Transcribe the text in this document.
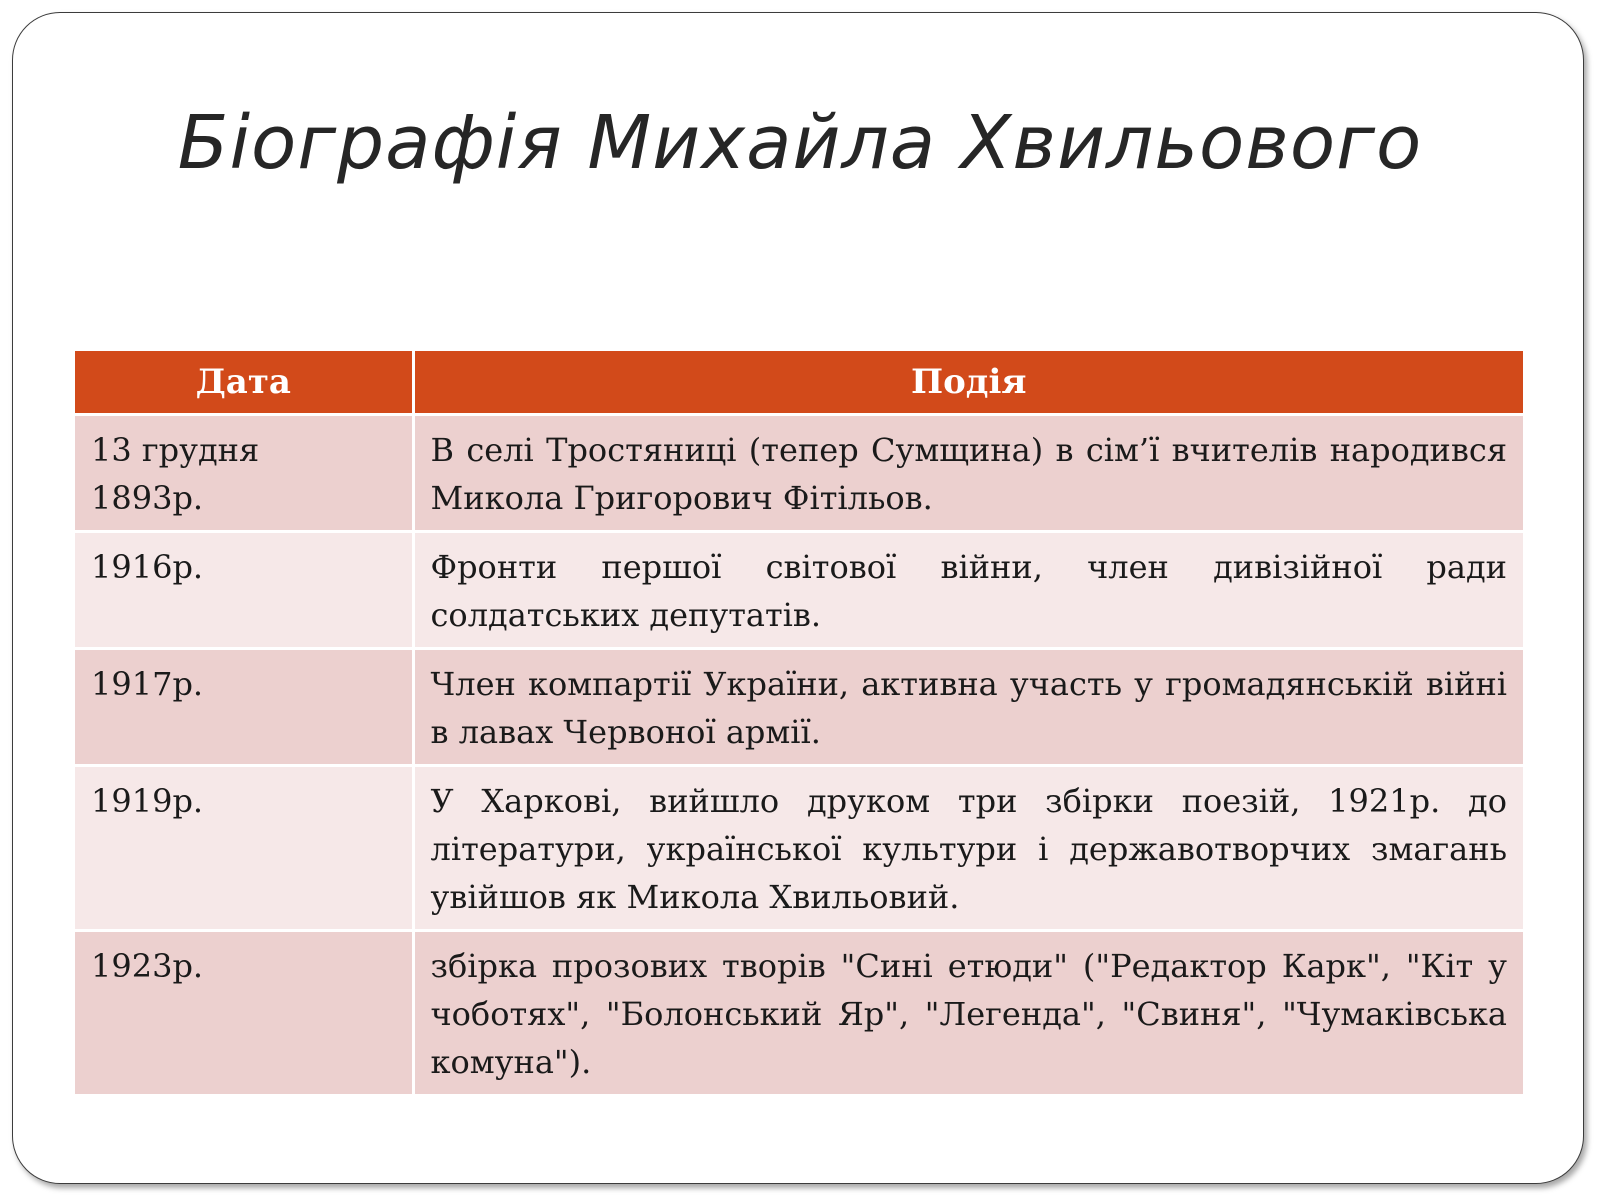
Біографія Михайла Хвильового
Дата	Подія
13 грудня 1893р.	В селі Тростяниці (тепер Сумщина) в сім’ї вчителів народився Микола Григорович Фітільов.
1916р.	Фронти першої світової війни, член дивізійної ради солдатських депутатів.
1917р.	Член компартії України, активна участь у громадянській війні в лавах Червоної армії.
1919р.	У Харкові, вийшло друком три збірки поезій, 1921р. до літератури, української культури і державотворчих змагань увійшов як Микола Хвильовий.
1923р.	збірка прозових творів "Сині етюди" ("Редактор Карк", "Кіт у чоботях", "Болонський Яр", "Легенда", "Свиня", "Чумаківська комуна").
